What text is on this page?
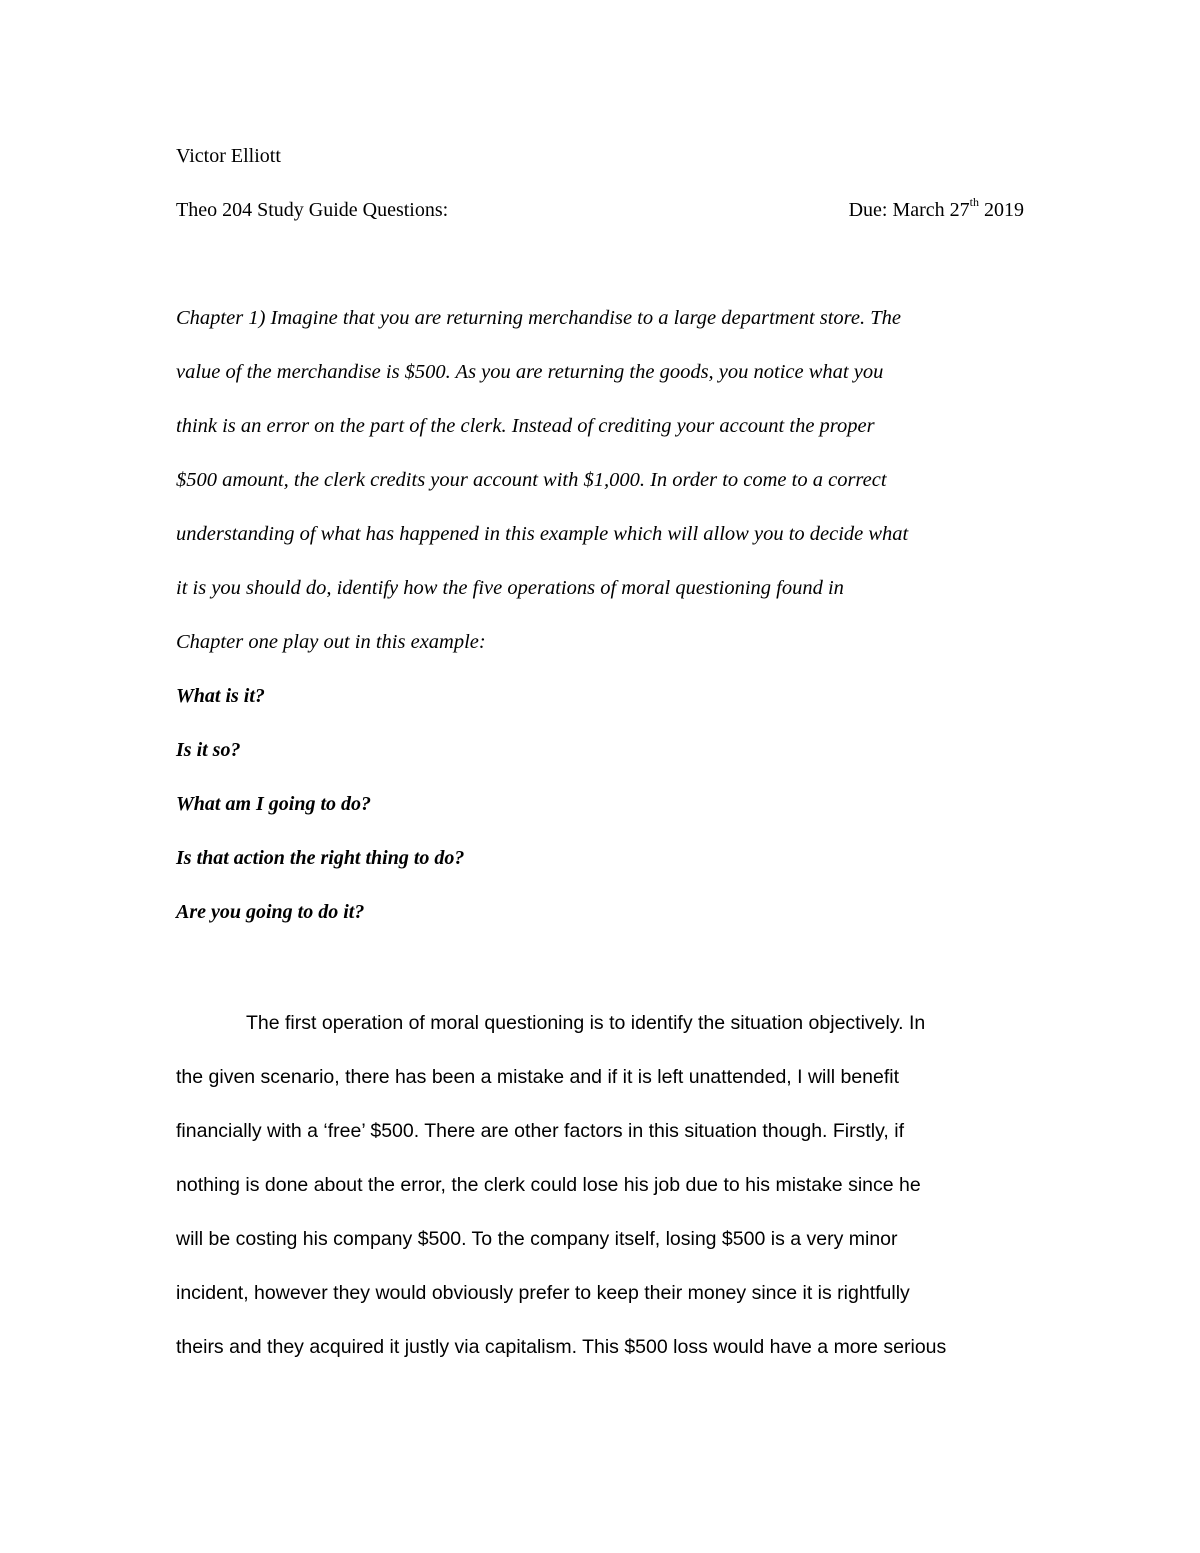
Victor Elliott
Theo 204 Study Guide Questions:	Due: March 27th 2019
Chapter 1) Imagine that you are returning merchandise to a large department store. The
value of the merchandise is $500. As you are returning the goods, you notice what you
think is an error on the part of the clerk. Instead of crediting your account the proper
$500 amount, the clerk credits your account with $1,000. In order to come to a correct
understanding of what has happened in this example which will allow you to decide what
it is you should do, identify how the five operations of moral questioning found in
Chapter one play out in this example:
What is it?
Is it so?
What am I going to do?
Is that action the right thing to do?
Are you going to do it?
The first operation of moral questioning is to identify the situation objectively. In
the given scenario, there has been a mistake and if it is left unattended, I will benefit
financially with a ‘free’ $500. There are other factors in this situation though. Firstly, if
nothing is done about the error, the clerk could lose his job due to his mistake since he
will be costing his company $500. To the company itself, losing $500 is a very minor
incident, however they would obviously prefer to keep their money since it is rightfully
theirs and they acquired it justly via capitalism. This $500 loss would have a more serious
